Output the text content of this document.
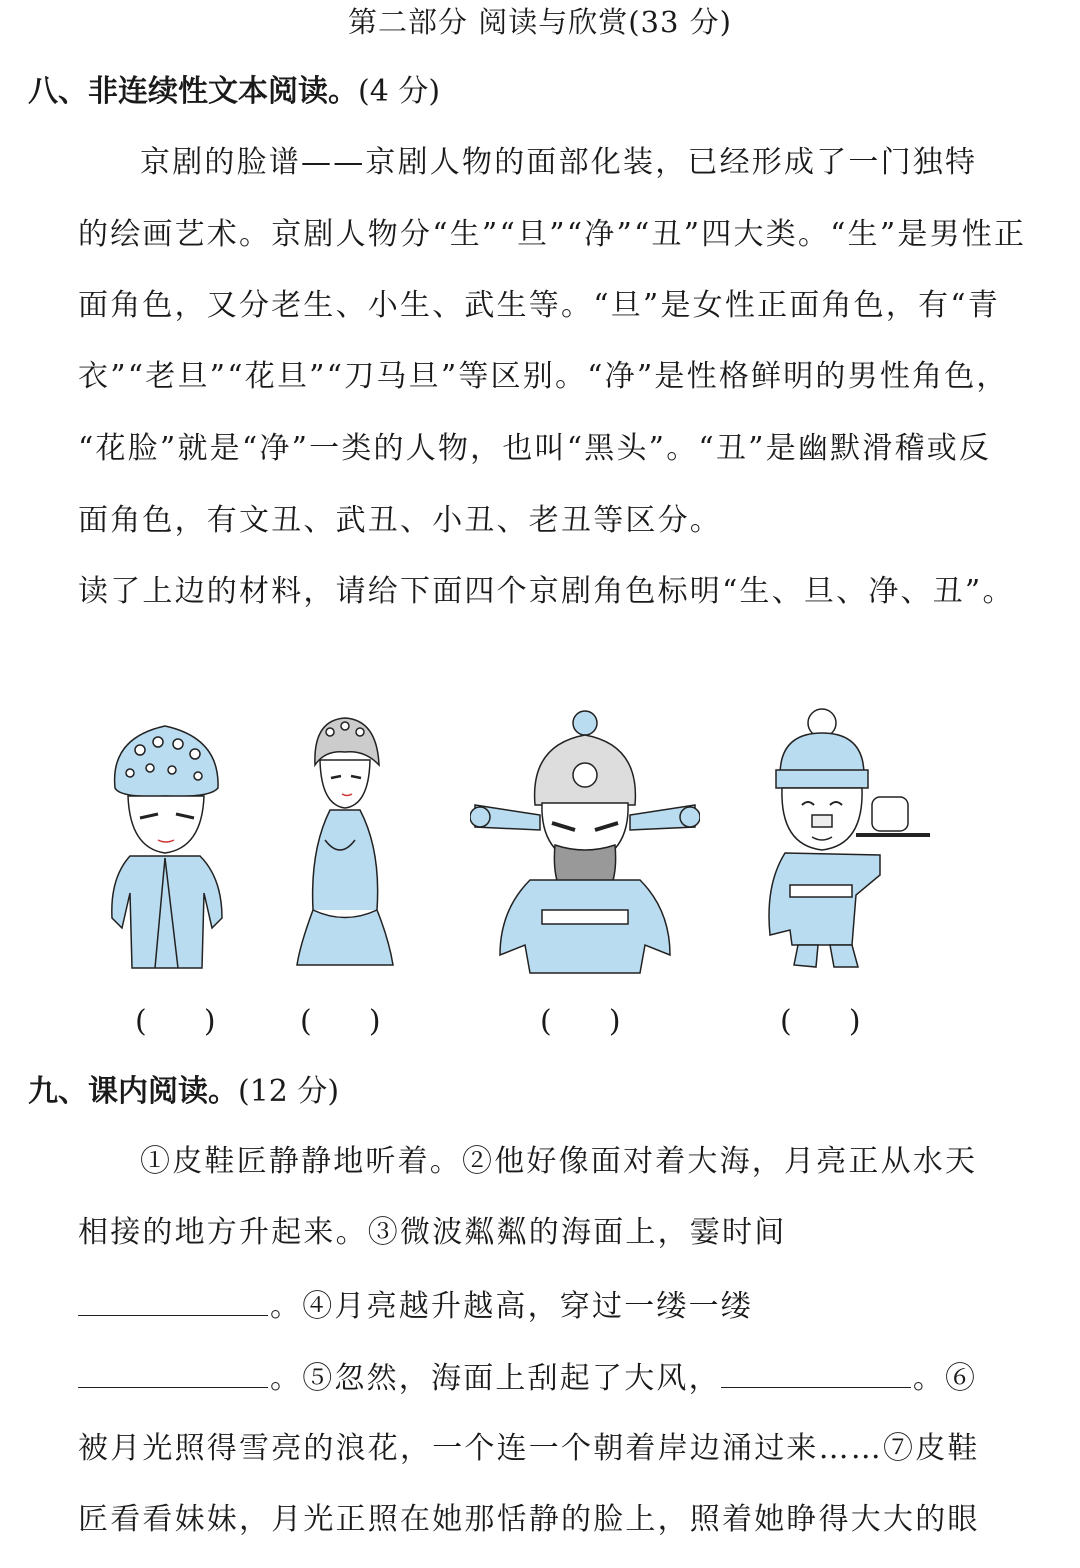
第二部分 阅读与欣赏(33 分)
八、非连续性文本阅读。(4 分)
京剧的脸谱——京剧人物的面部化装，已经形成了一门独特
的绘画艺术。京剧人物分“生”“旦”“净”“丑”四大类。“生”是男性正
面角色，又分老生、小生、武生等。“旦”是女性正面角色，有“青
衣”“老旦”“花旦”“刀马旦”等区别。“净”是性格鲜明的男性角色，
“花脸”就是“净”一类的人物，也叫“黑头”。“丑”是幽默滑稽或反
面角色，有文丑、武丑、小丑、老丑等区分。
读了上边的材料，请给下面四个京剧角色标明“生、旦、净、丑”。
(      )	(      )	(      )	(      )
九、课内阅读。(12 分)
①皮鞋匠静静地听着。②他好像面对着大海，月亮正从水天
相接的地方升起来。③微波粼粼的海面上，霎时间
。④月亮越升越高，穿过一缕一缕
。⑤忽然，海面上刮起了大风，	。⑥
被月光照得雪亮的浪花，一个连一个朝着岸边涌过来……⑦皮鞋
匠看看妹妹，月光正照在她那恬静的脸上，照着她睁得大大的眼
